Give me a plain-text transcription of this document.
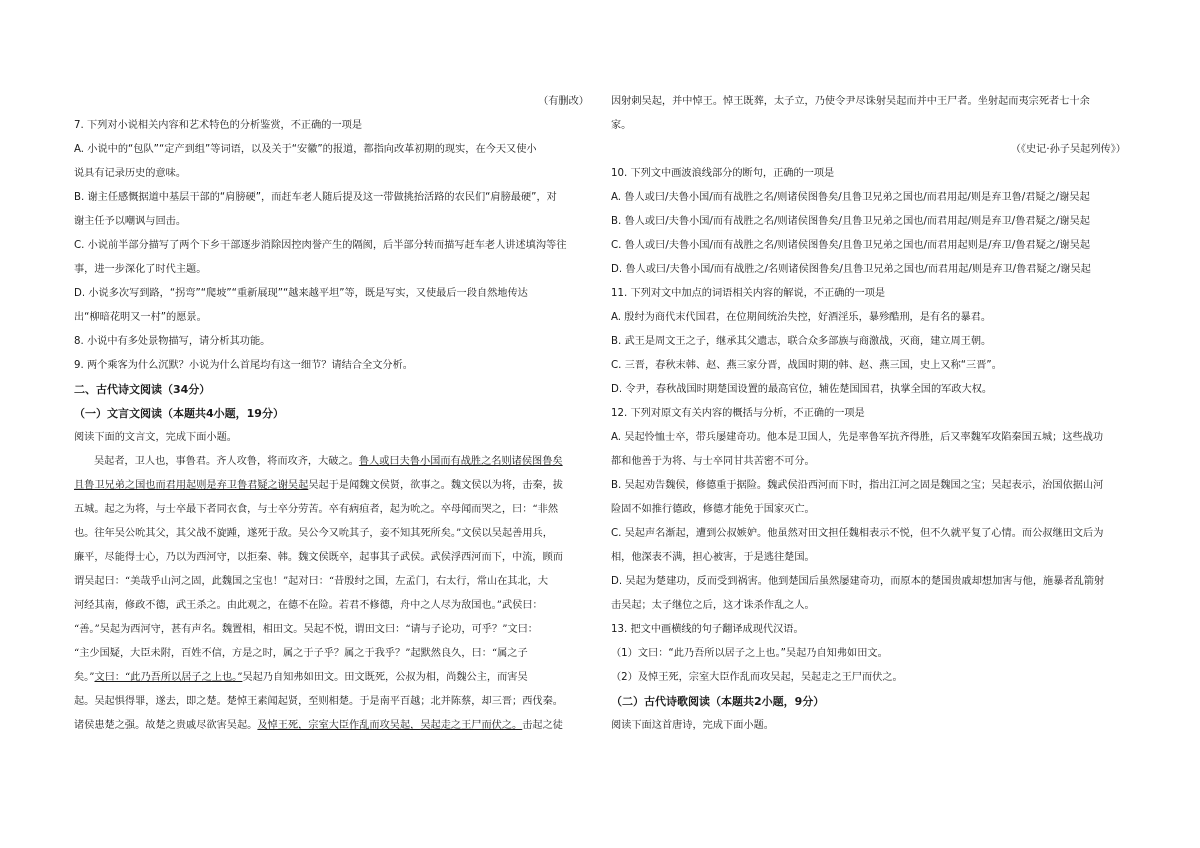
（有删改）

7. 下列对小说相关内容和艺术特色的分析鉴赏，不正确的一项是

A. 小说中的“包队”“定产到组”等词语，以及关于“安徽”的报道，都指向改革初期的现实，在今天又使小

说具有记录历史的意味。

B. 谢主任感慨据道中基层干部的“肩膀硬”，而赶车老人随后提及这一带做挑抬活路的农民们“肩膀最硬”，对

谢主任予以嘲讽与回击。

C. 小说前半部分描写了两个下乡干部逐步消除因控肉誉产生的隔阂，后半部分转而描写赶车老人讲述填沟等往

事，进一步深化了时代主题。

D. 小说多次写到路，“拐弯”“爬坡”“重新展现”“越来越平坦”等，既是写实，又使最后一段自然地传达

出“柳暗花明又一村”的愿景。

8. 小说中有多处景物描写，请分析其功能。

9. 两个乘客为什么沉默？小说为什么首尾均有这一细节？请结合全文分析。

二、古代诗文阅读（34分）

（一）文言文阅读（本题共4小题，19分）

阅读下面的文言文，完成下面小题。

吴起者，卫人也，事鲁君。齐人攻鲁，将而攻齐，大破之。鲁人或曰夫鲁小国而有战胜之名则诸侯图鲁矣

且鲁卫兄弟之国也而君用起则是弃卫鲁君疑之谢吴起吴起于是闻魏文侯贤，欲事之。魏文侯以为将，击秦，拔

五城。起之为将，与士卒最下者同衣食，与士卒分劳苦。卒有病疽者，起为吮之。卒母闻而哭之，曰：“非然

也。往年吴公吮其父，其父战不旋踵，遂死于敌。吴公今又吮其子，妾不知其死所矣。”文侯以吴起善用兵，

廉平，尽能得士心，乃以为西河守，以拒秦、韩。魏文侯既卒，起事其子武侯。武侯浮西河而下，中流，顾而

谓吴起曰：“美哉乎山河之固，此魏国之宝也！”起对曰：“昔殷纣之国，左孟门，右太行，常山在其北，大

河经其南，修政不德，武王杀之。由此观之，在德不在险。若君不修德，舟中之人尽为敌国也。”武侯曰：

“善。”吴起为西河守，甚有声名。魏置相，相田文。吴起不悦，谓田文曰：“请与子论功，可乎？”文曰：

“主少国疑，大臣未附，百姓不信，方是之时，属之于子乎？属之于我乎？”起默然良久，曰：“属之子

矣。”文曰：“此乃吾所以居子之上也。”吴起乃自知弗如田文。田文既死，公叔为相，尚魏公主，而害吴

起。吴起惧得罪，遂去，即之楚。楚悼王素闻起贤，至则相楚。于是南平百越；北并陈蔡，却三晋；西伐秦。

诸侯患楚之强。故楚之贵戚尽欲害吴起。及悼王死，宗室大臣作乱而攻吴起，吴起走之王尸而伏之。击起之徒

因射刺吴起，并中悼王。悼王既葬，太子立，乃使令尹尽诛射吴起而并中王尸者。坐射起而夷宗死者七十余

家。

（《史记·孙子吴起列传》）

10. 下列文中画波浪线部分的断句，正确的一项是

A. 鲁人或曰/夫鲁小国/而有战胜之名/则诸侯图鲁矣/且鲁卫兄弟之国也/而君用起/则是弃卫鲁/君疑之/谢吴起

B. 鲁人或曰/夫鲁小国/而有战胜之名/则诸侯图鲁矣/且鲁卫兄弟之国也/而君用起/则是弃卫/鲁君疑之/谢吴起

C. 鲁人或曰/夫鲁小国/而有战胜之名/则诸侯图鲁矣/且鲁卫兄弟之国也/而君用起则是/弃卫/鲁君疑之/谢吴起

D. 鲁人或曰/夫鲁小国/而有战胜之/名则诸侯图鲁矣/且鲁卫兄弟之国也/而君用起/则是弃卫/鲁君疑之/谢吴起

11. 下列对文中加点的词语相关内容的解说，不正确的一项是

A. 殷纣为商代末代国君，在位期间统治失控，好酒淫乐，暴殄酷刑，是有名的暴君。

B. 武王是周文王之子，继承其父遗志，联合众多部族与商激战，灭商，建立周王朝。

C. 三晋，春秋末韩、赵、燕三家分晋，战国时期的韩、赵、燕三国，史上又称“三晋”。

D. 令尹，春秋战国时期楚国设置的最高官位，辅佐楚国国君，执掌全国的军政大权。

12. 下列对原文有关内容的概括与分析，不正确的一项是

A. 吴起怜恤士卒，带兵屡建奇功。他本是卫国人，先是率鲁军抗齐得胜，后又率魏军攻陷秦国五城；这些战功

都和他善于为将、与士卒同甘共苦密不可分。

B. 吴起劝告魏侯，修德重于据险。魏武侯沿西河而下时，指出江河之固是魏国之宝；吴起表示，治国依据山河

险固不如推行德政，修德才能免于国家灭亡。

C. 吴起声名渐起，遭到公叔嫉妒。他虽然对田文担任魏相表示不悦，但不久就平复了心情。而公叔继田文后为

相，他深表不满，担心被害，于是逃往楚国。

D. 吴起为楚建功，反而受到祸害。他到楚国后虽然屡建奇功，而原本的楚国贵戚却想加害与他，施暴者乱箭射

击吴起；太子继位之后，这才诛杀作乱之人。

13. 把文中画横线的句子翻译成现代汉语。

（1）文曰：“此乃吾所以居子之上也。”吴起乃自知弗如田文。

（2）及悼王死，宗室大臣作乱而攻吴起，吴起走之王尸而伏之。

（二）古代诗歌阅读（本题共2小题，9分）

阅读下面这首唐诗，完成下面小题。
